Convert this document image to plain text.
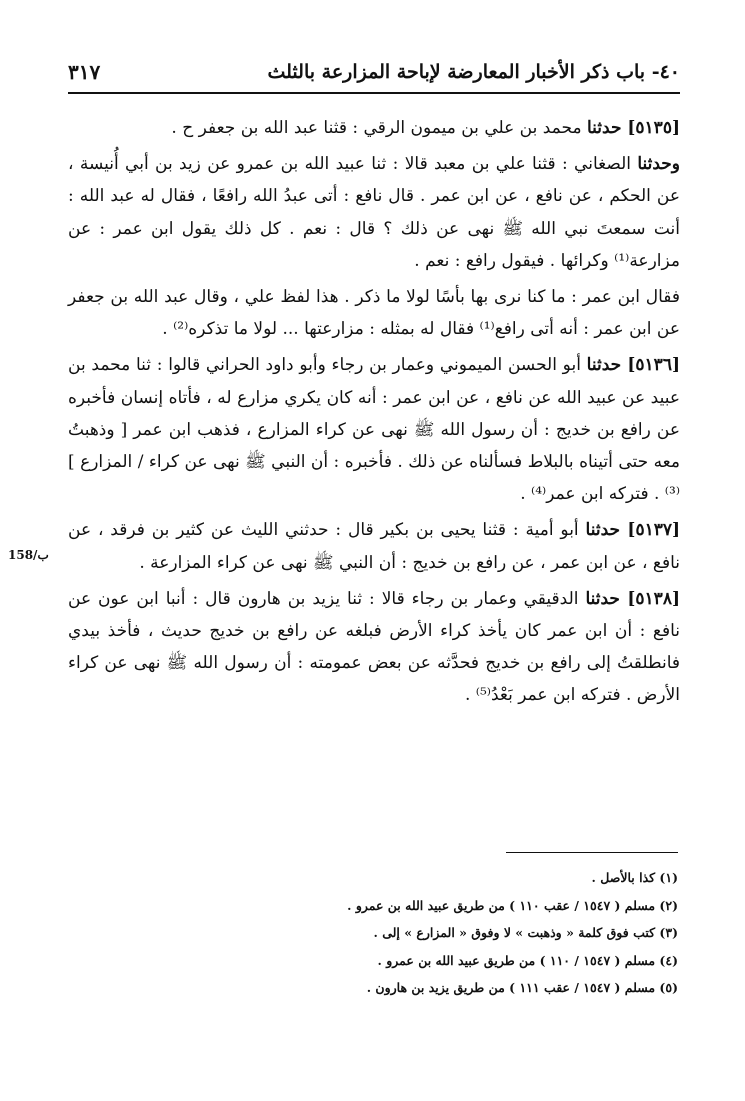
٤٠- باب ذكر الأخبار المعارضة لإباحة المزارعة بالثلث
٣١٧

[٥١٣٥] حدثنا محمد بن علي بن ميمون الرقي : قثنا عبد الله بن جعفر ح .

وحدثنا الصغاني : قثنا علي بن معبد قالا : ثنا عبيد الله بن عمرو عن زيد بن أبي أُنيسة ، عن الحكم ، عن نافع ، عن ابن عمر . قال نافع : أتى عبدُ الله رافعًا ، فقال له عبد الله : أنت سمعتَ نبي الله ﷺ نهى عن ذلك ؟ قال : نعم . كل ذلك يقول ابن عمر : عن مزارعة⁽¹⁾ وكرائها . فيقول رافع : نعم .

فقال ابن عمر : ما كنا نرى بها بأسًا لولا ما ذكر . هذا لفظ علي ، وقال عبد الله بن جعفر عن ابن عمر : أنه أتى رافع⁽¹⁾ فقال له بمثله : مزارعتها ... لولا ما تذكره⁽²⁾ .

[٥١٣٦] حدثنا أبو الحسن الميموني وعمار بن رجاء وأبو داود الحراني قالوا : ثنا محمد بن عبيد عن عبيد الله عن نافع ، عن ابن عمر : أنه كان يكري مزارع له ، فأتاه إنسان فأخبره عن رافع بن خديج : أن رسول الله ﷺ نهى عن كراء المزارع ، فذهب ابن عمر [ وذهبتُ معه حتى أتيناه بالبلاط فسألناه عن ذلك . فأخبره : أن النبي ﷺ نهى عن كراء / المزارع ]⁽³⁾ . فتركه ابن عمر⁽⁴⁾ .

[٥١٣٧] حدثنا أبو أمية : قثنا يحيى بن بكير قال : حدثني الليث عن كثير بن فرقد ، عن نافع ، عن ابن عمر ، عن رافع بن خديج : أن النبي ﷺ نهى عن كراء المزارعة .

[٥١٣٨] حدثنا الدقيقي وعمار بن رجاء قالا : ثنا يزيد بن هارون قال : أنبا ابن عون عن نافع : أن ابن عمر كان يأخذ كراء الأرض فبلغه عن رافع بن خديج حديث ، فأخذ بيدي فانطلقتُ إلى رافع بن خديج فحدَّثه عن بعض عمومته : أن رسول الله ﷺ نهى عن كراء الأرض . فتركه ابن عمر بَعْدُ⁽⁵⁾ .

158/ب
(١) كذا بالأصل .
(٢) مسلم ( ١٥٤٧ / عقب ١١٠ ) من طريق عبيد الله بن عمرو .
(٣) كتب فوق كلمة « وذهبت » لا وفوق « المزارع » إلى .
(٤) مسلم ( ١٥٤٧ / ١١٠ ) من طريق عبيد الله بن عمرو .
(٥) مسلم ( ١٥٤٧ / عقب ١١١ ) من طريق يزيد بن هارون .
